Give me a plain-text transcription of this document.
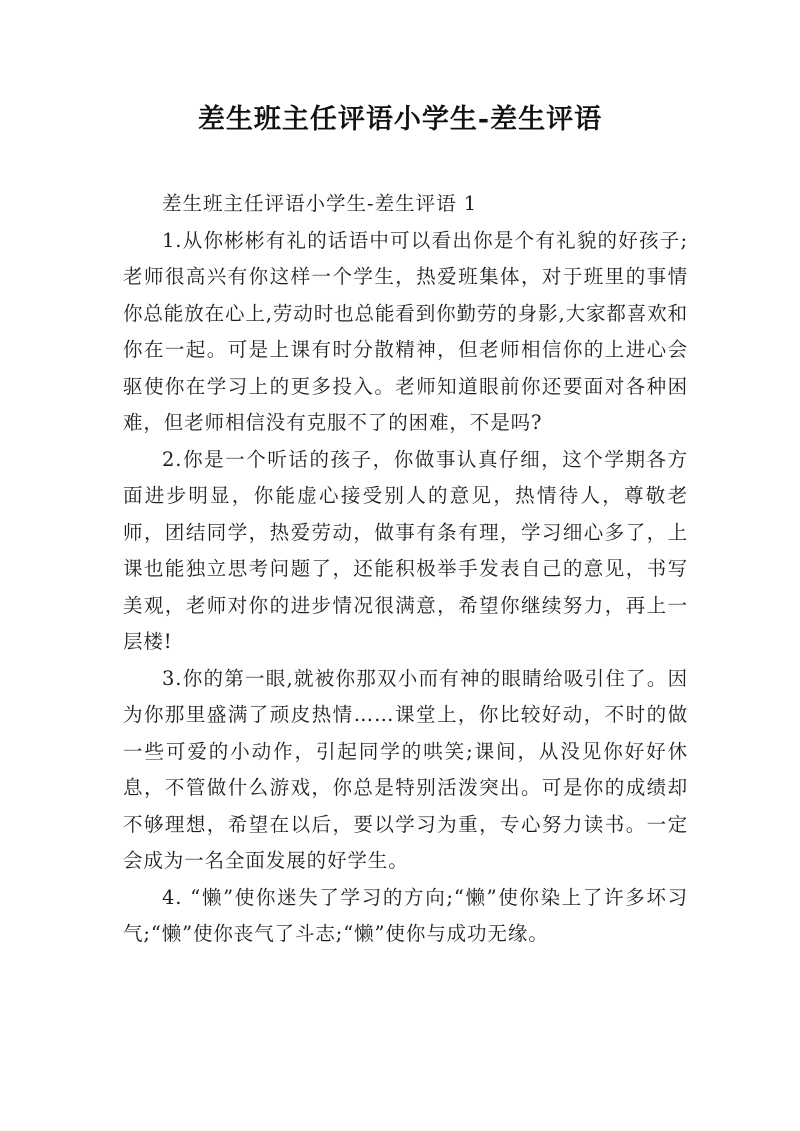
差生班主任评语小学生-差生评语

差生班主任评语小学生-差生评语 1

1.从你彬彬有礼的话语中可以看出你是个有礼貌的好孩子;老师很高兴有你这样一个学生，热爱班集体，对于班里的事情你总能放在心上,劳动时也总能看到你勤劳的身影,大家都喜欢和你在一起。可是上课有时分散精神，但老师相信你的上进心会驱使你在学习上的更多投入。老师知道眼前你还要面对各种困难，但老师相信没有克服不了的困难，不是吗?

2.你是一个听话的孩子，你做事认真仔细，这个学期各方面进步明显，你能虚心接受别人的意见，热情待人，尊敬老师，团结同学，热爱劳动，做事有条有理，学习细心多了，上课也能独立思考问题了，还能积极举手发表自己的意见，书写美观，老师对你的进步情况很满意，希望你继续努力，再上一层楼!

3.你的第一眼,就被你那双小而有神的眼睛给吸引住了。因为你那里盛满了顽皮热情……课堂上，你比较好动，不时的做一些可爱的小动作，引起同学的哄笑;课间，从没见你好好休息，不管做什么游戏，你总是特别活泼突出。可是你的成绩却不够理想，希望在以后，要以学习为重，专心努力读书。一定会成为一名全面发展的好学生。

4. “懒”使你迷失了学习的方向;“懒”使你染上了许多坏习气;“懒”使你丧气了斗志;“懒”使你与成功无缘。
